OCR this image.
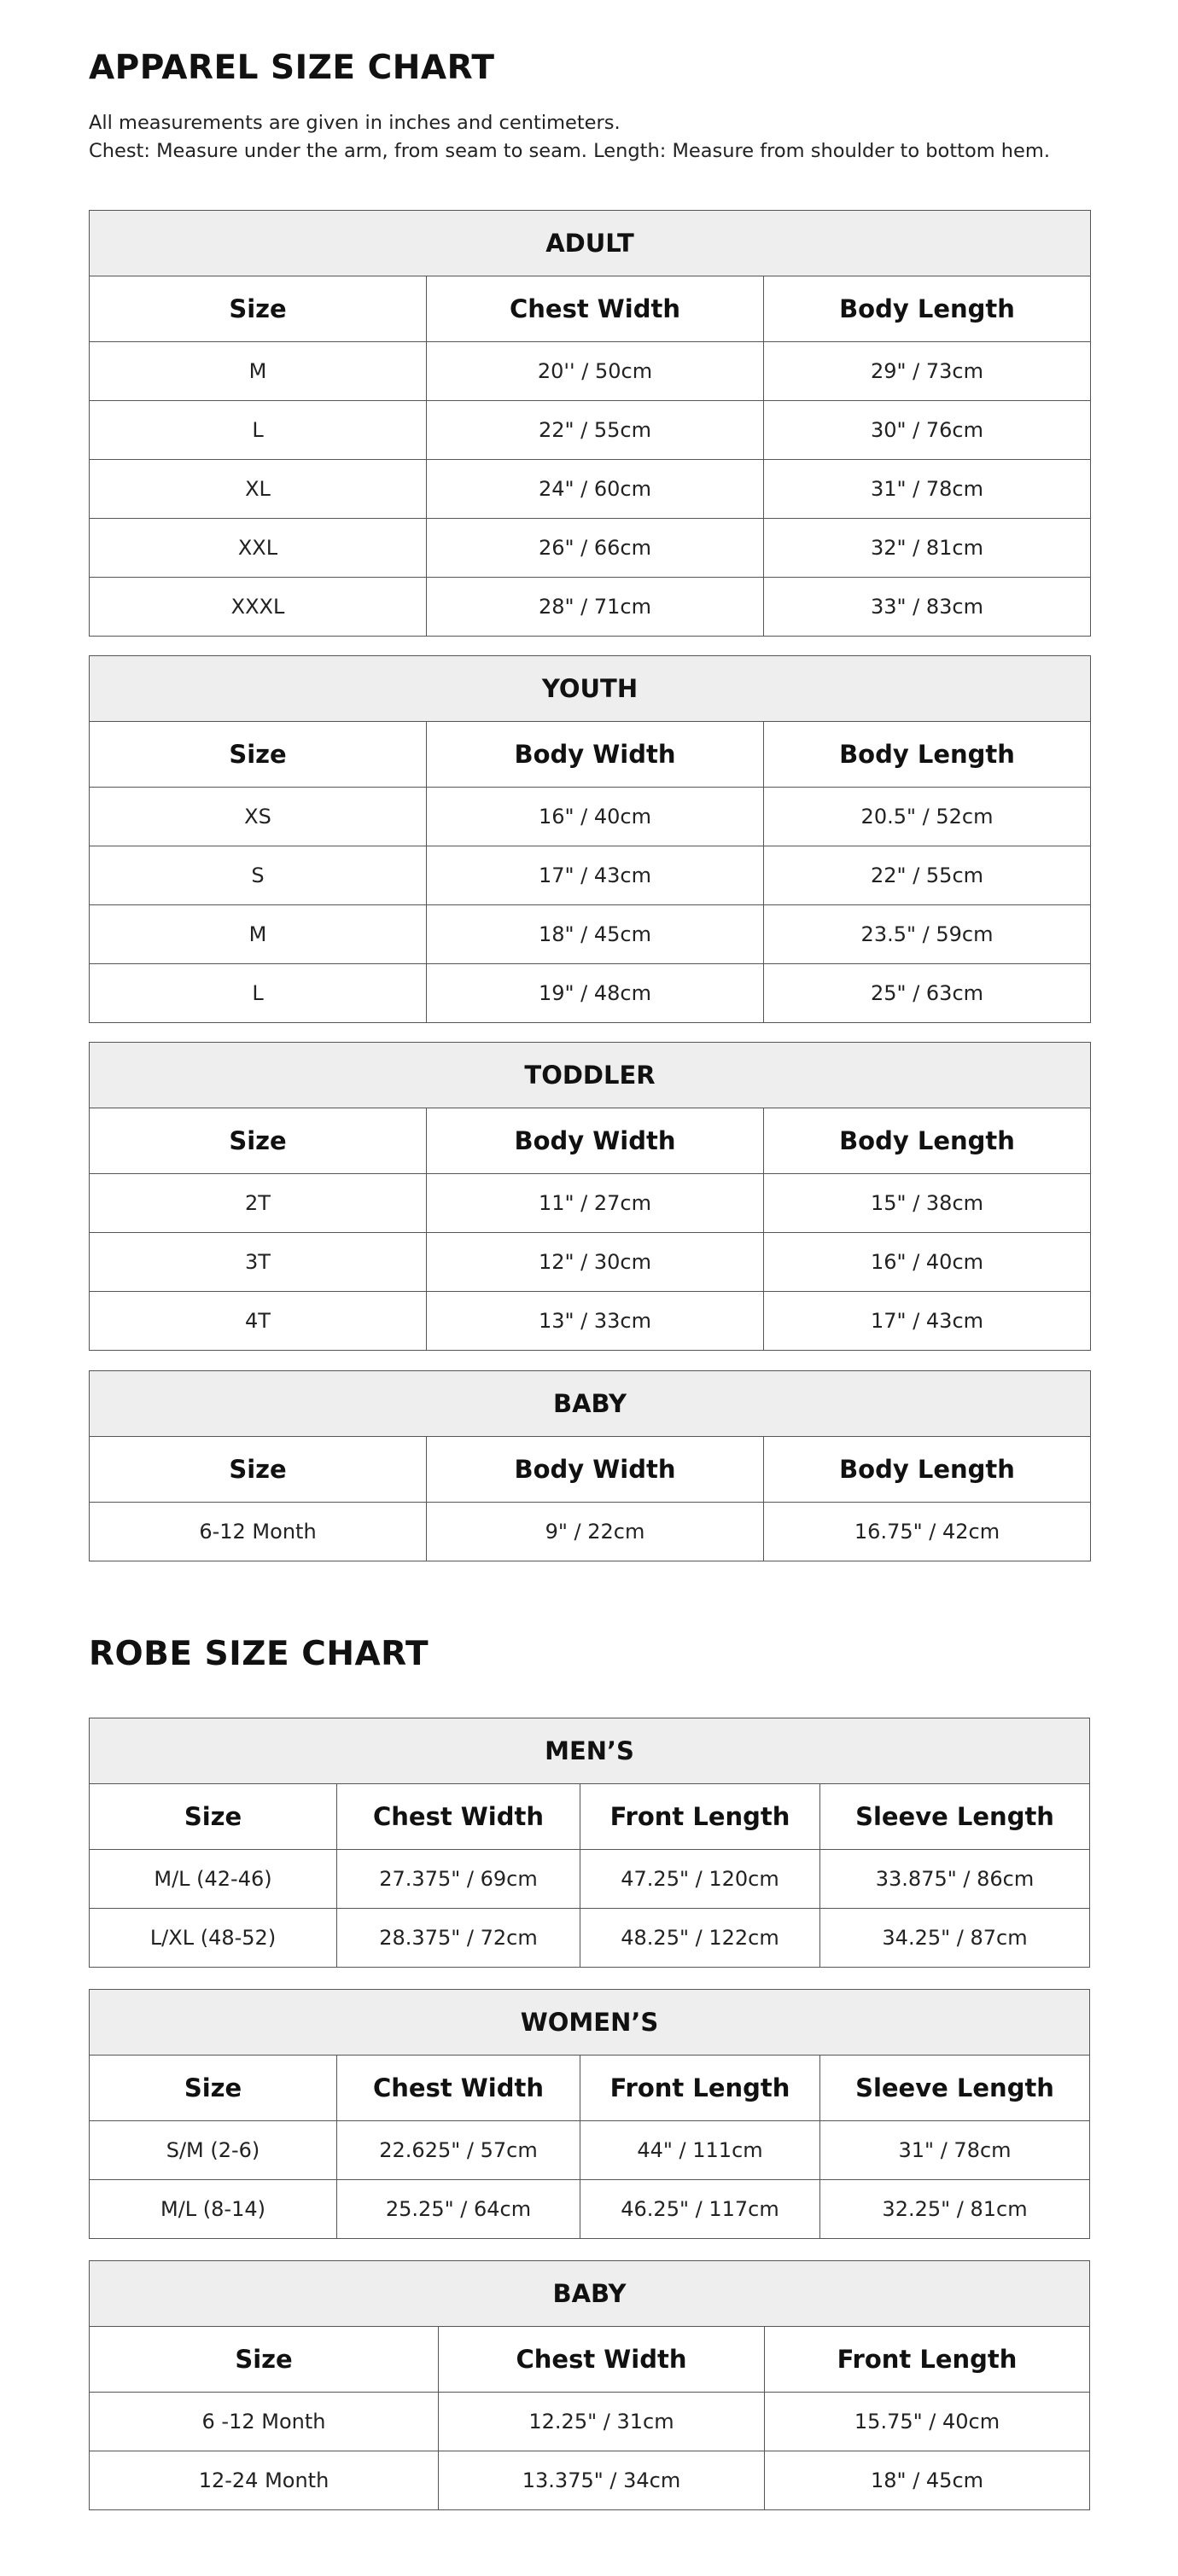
APPAREL SIZE CHART

All measurements are given in inches and centimeters.

Chest: Measure under the arm, from seam to seam. Length: Measure from shoulder to bottom hem.

ADULT		
Size	Chest Width	Body Length
M	20'' / 50cm	29" / 73cm
L	22" / 55cm	30" / 76cm
XL	24" / 60cm	31" / 78cm
XXL	26" / 66cm	32" / 81cm
XXXL	28" / 71cm	33" / 83cm
YOUTH		
Size	Body Width	Body Length
XS	16" / 40cm	20.5" / 52cm
S	17" / 43cm	22" / 55cm
M	18" / 45cm	23.5" / 59cm
L	19" / 48cm	25" / 63cm
TODDLER		
Size	Body Width	Body Length
2T	11" / 27cm	15" / 38cm
3T	12" / 30cm	16" / 40cm
4T	13" / 33cm	17" / 43cm
BABY		
Size	Body Width	Body Length
6-12 Month	9" / 22cm	16.75" / 42cm
ROBE SIZE CHART
MEN’S			
Size	Chest Width	Front Length	Sleeve Length
M/L (42-46)	27.375" / 69cm	47.25" / 120cm	33.875" / 86cm
L/XL (48-52)	28.375" / 72cm	48.25" / 122cm	34.25" / 87cm
WOMEN’S			
Size	Chest Width	Front Length	Sleeve Length
S/M (2-6)	22.625" / 57cm	44" / 111cm	31" / 78cm
M/L (8-14)	25.25" / 64cm	46.25" / 117cm	32.25" / 81cm
BABY		
Size	Chest Width	Front Length
6 -12 Month	12.25" / 31cm	15.75" / 40cm
12-24 Month	13.375" / 34cm	18" / 45cm
